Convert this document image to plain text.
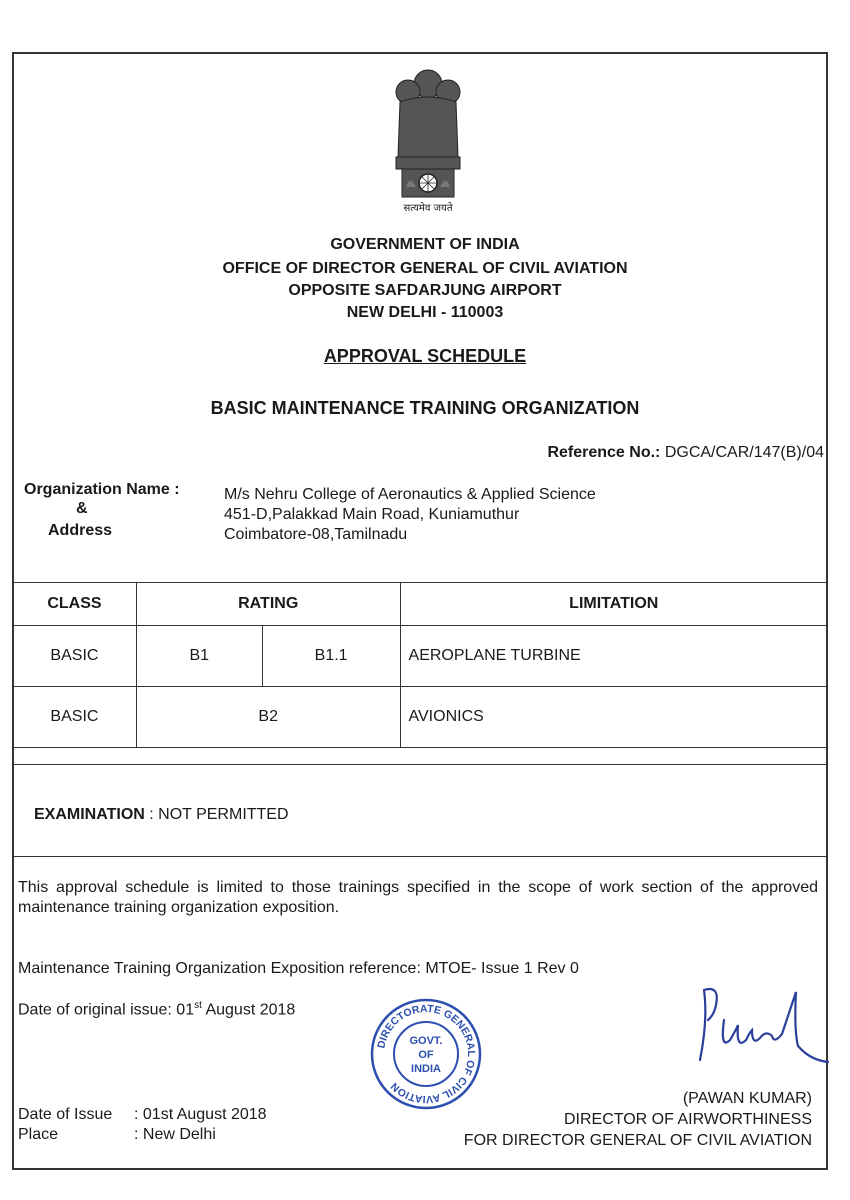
सत्यमेव जयते
GOVERNMENT OF INDIA
OFFICE OF DIRECTOR GENERAL OF CIVIL AVIATION
OPPOSITE SAFDARJUNG AIRPORT
NEW DELHI - 110003
APPROVAL SCHEDULE
BASIC MAINTENANCE TRAINING ORGANIZATION
Reference No.: DGCA/CAR/147(B)/04
Organization Name :
&
Address
M/s Nehru College of Aeronautics & Applied Science
451-D,Palakkad Main Road, Kuniamuthur
Coimbatore-08,Tamilnadu
CLASS	RATING		LIMITATION
BASIC	B1	B1.1	AEROPLANE TURBINE
BASIC	B2		AVIONICS

EXAMINATION : NOT PERMITTED
This approval schedule is limited to those trainings specified in the scope of work section of the approved maintenance training organization exposition.
Maintenance Training Organization Exposition reference: MTOE- Issue 1 Rev 0
Date of original issue: 01st August 2018
DIRECTORATE GENERAL OF CIVIL AVIATION
GOVT.
OF
INDIA
Date of Issue : 01st August 2018
Place	: New Delhi
(PAWAN KUMAR)
DIRECTOR OF AIRWORTHINESS
FOR DIRECTOR GENERAL OF CIVIL AVIATION
